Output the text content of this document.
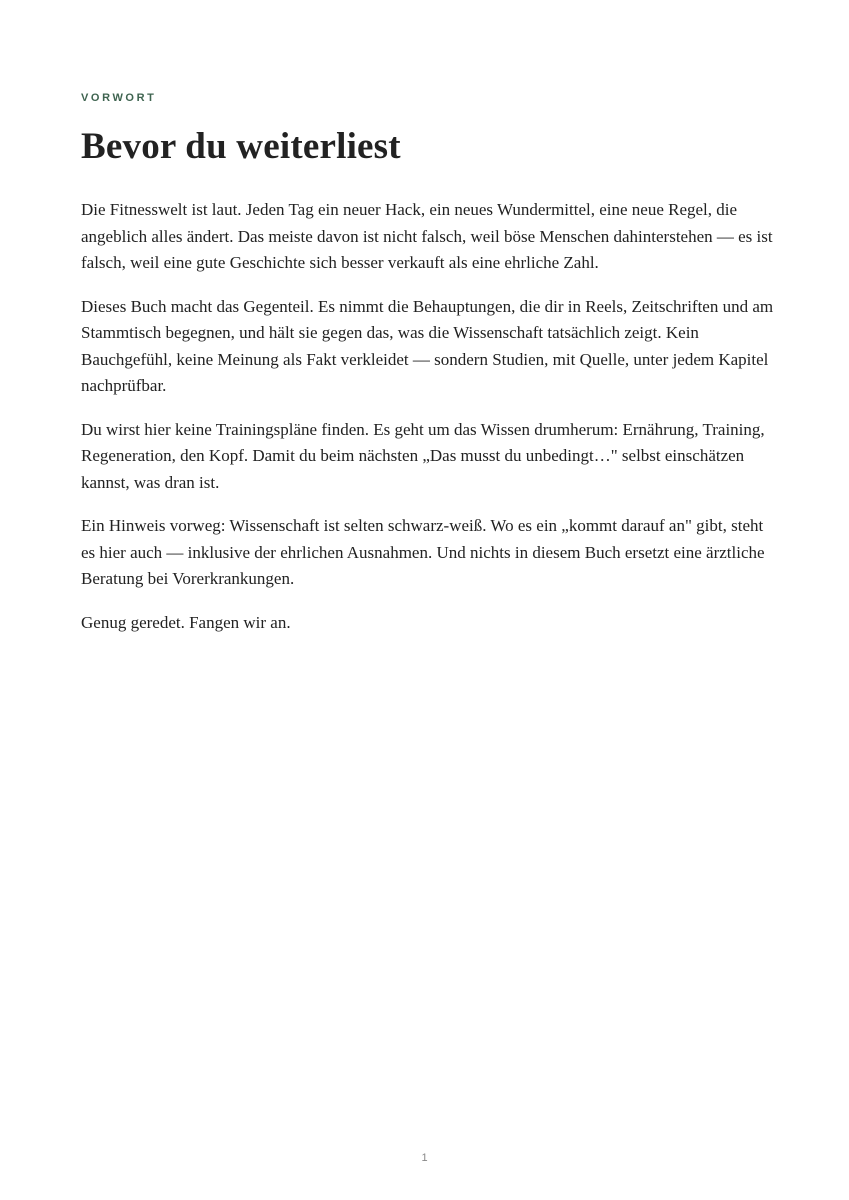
VORWORT

Bevor du weiterliest

Die Fitnesswelt ist laut. Jeden Tag ein neuer Hack, ein neues Wundermittel, eine neue Regel, die angeblich alles ändert. Das meiste davon ist nicht falsch, weil böse Menschen dahinterstehen — es ist falsch, weil eine gute Geschichte sich besser verkauft als eine ehrliche Zahl.

Dieses Buch macht das Gegenteil. Es nimmt die Behauptungen, die dir in Reels, Zeitschriften und am Stammtisch begegnen, und hält sie gegen das, was die Wissenschaft tatsächlich zeigt. Kein Bauchgefühl, keine Meinung als Fakt verkleidet — sondern Studien, mit Quelle, unter jedem Kapitel nachprüfbar.

Du wirst hier keine Trainingspläne finden. Es geht um das Wissen drumherum: Ernährung, Training, Regeneration, den Kopf. Damit du beim nächsten „Das musst du unbedingt…" selbst einschätzen kannst, was dran ist.

Ein Hinweis vorweg: Wissenschaft ist selten schwarz-weiß. Wo es ein „kommt darauf an" gibt, steht es hier auch — inklusive der ehrlichen Ausnahmen. Und nichts in diesem Buch ersetzt eine ärztliche Beratung bei Vorerkrankungen.

Genug geredet. Fangen wir an.

1
